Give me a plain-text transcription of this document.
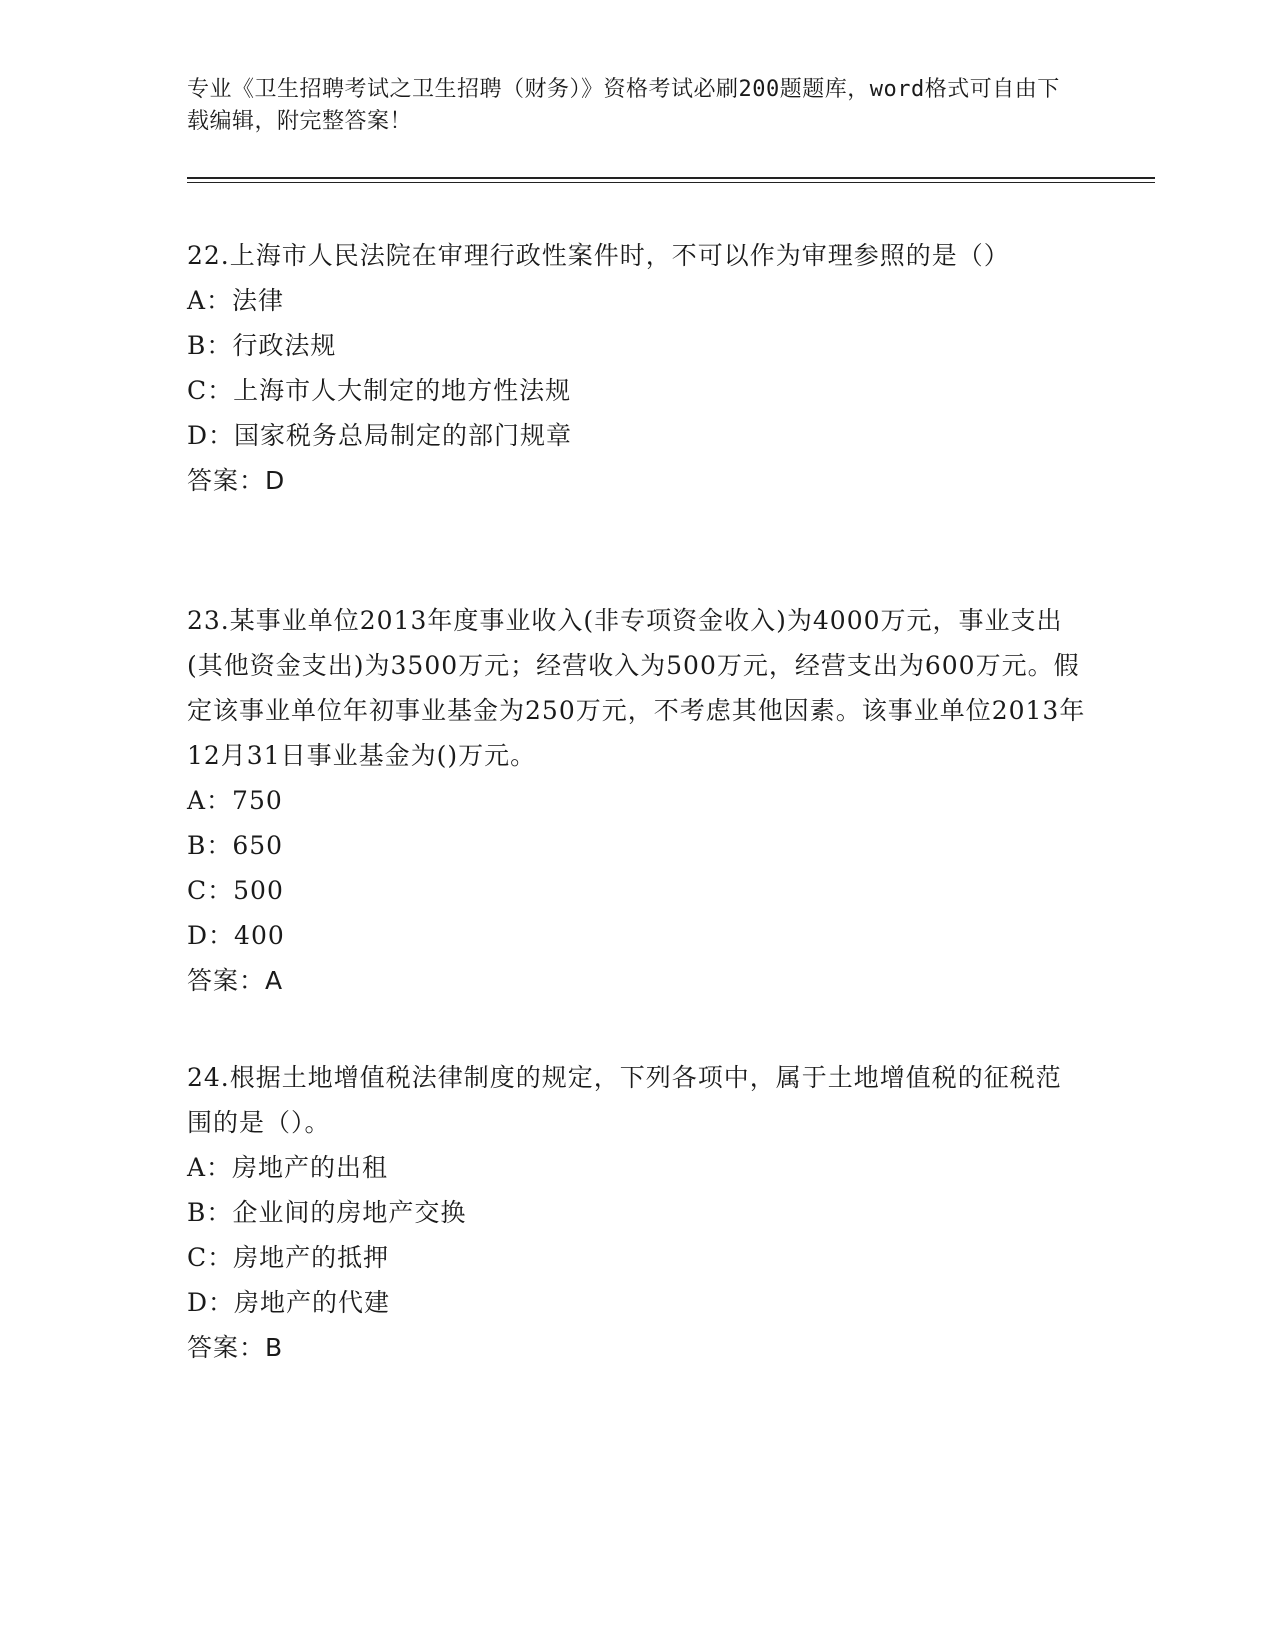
专业《卫生招聘考试之卫生招聘（财务）》资格考试必刷200题题库，word格式可自由下载编辑，附完整答案！

22.上海市人民法院在审理行政性案件时，不可以作为审理参照的是（）

A：法律

B：行政法规

C：上海市人大制定的地方性法规

D：国家税务总局制定的部门规章

答案：D

23.某事业单位2013年度事业收入(非专项资金收入)为4000万元，事业支出(其他资金支出)为3500万元；经营收入为500万元，经营支出为600万元。假定该事业单位年初事业基金为250万元，不考虑其他因素。该事业单位2013年12月31日事业基金为()万元。

A：750

B：650

C：500

D：400

答案：A

24.根据土地增值税法律制度的规定，下列各项中，属于土地增值税的征税范围的是（）。

A：房地产的出租

B：企业间的房地产交换

C：房地产的抵押

D：房地产的代建

答案：B
